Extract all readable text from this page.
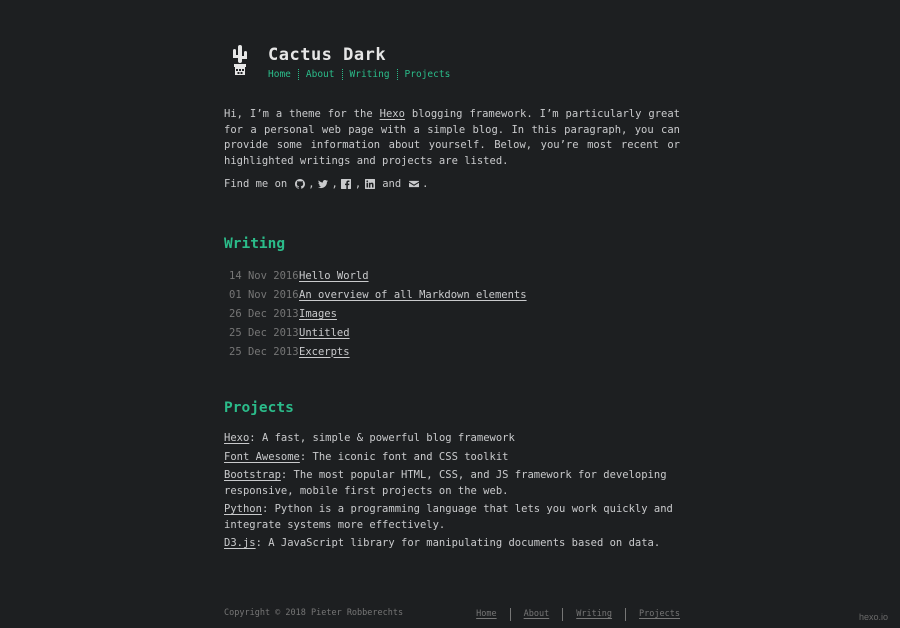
Cactus Dark
Home	About	Writing	Projects

Hi, I’m a theme for the Hexo blogging framework. I’m particularly great for a personal web page with a simple blog. In this paragraph, you can provide some information about yourself. Below, you’re most recent or highlighted writings and projects are listed.

Find me on , , , and .
Writing
14 Nov 2016 Hello World
01 Nov 2016 An overview of all Markdown elements
26 Dec 2013 Images
25 Dec 2013 Untitled
25 Dec 2013 Excerpts
Projects
Hexo: A fast, simple & powerful blog framework
Font Awesome: The iconic font and CSS toolkit
Bootstrap: The most popular HTML, CSS, and JS framework for developing responsive, mobile first projects on the web.
Python: Python is a programming language that lets you work quickly and integrate systems more effectively.
D3.js: A JavaScript library for manipulating documents based on data.
Copyright © 2018 Pieter Robberechts	Home	About	Writing	Projects	hexo.io
